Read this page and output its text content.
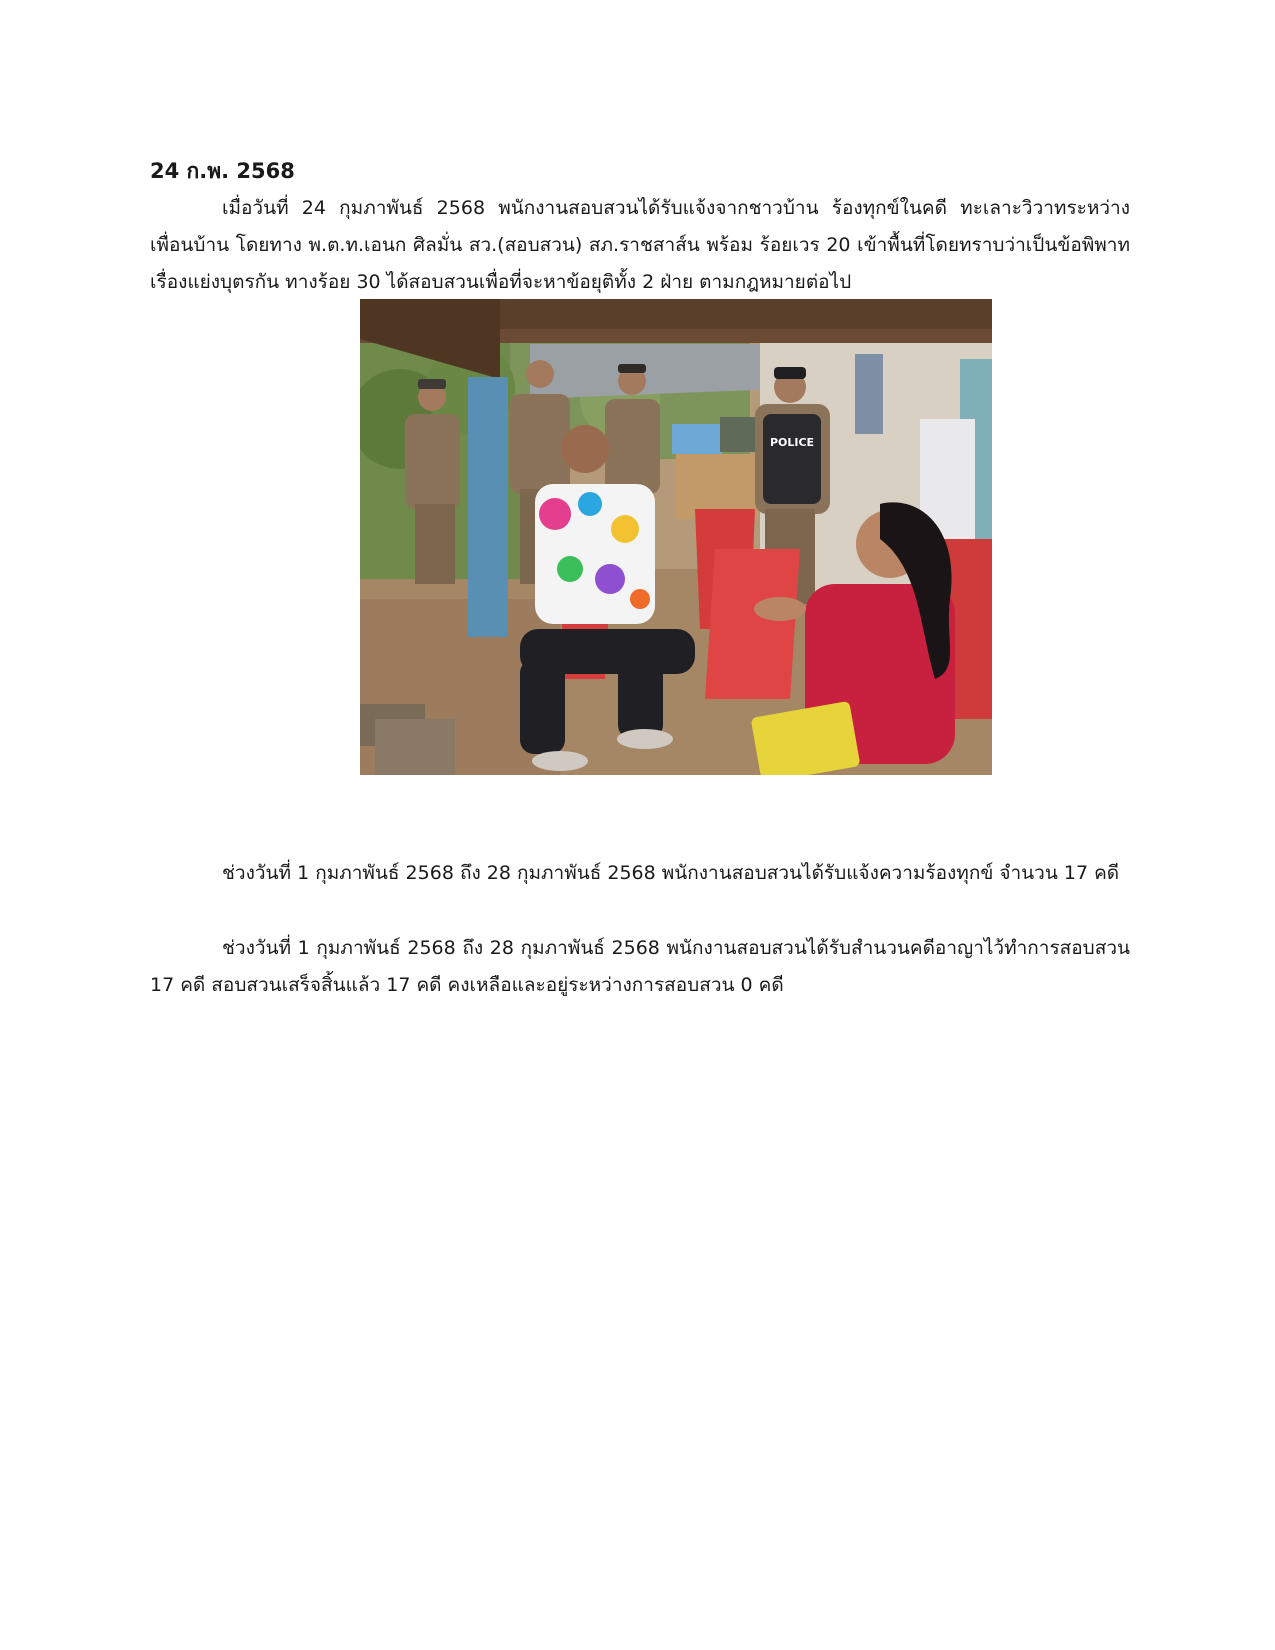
24 ก.พ. 2568

เมื่อวันที่ 24 กุมภาพันธ์ 2568 พนักงานสอบสวนได้รับแจ้งจากชาวบ้าน ร้องทุกข์ในคดี ทะเลาะวิวาทระหว่างเพื่อนบ้าน โดยทาง พ.ต.ท.เอนก ศิลมั่น สว.(สอบสวน) สภ.ราชสาส์น พร้อม ร้อยเวร 20 เข้าพื้นที่โดยทราบว่าเป็นข้อพิพาทเรื่องแย่งบุตรกัน ทางร้อย 30 ได้สอบสวนเพื่อที่จะหาข้อยุติทั้ง 2 ฝ่าย ตามกฎหมายต่อไป

POLICE

ช่วงวันที่ 1 กุมภาพันธ์ 2568 ถึง 28 กุมภาพันธ์ 2568 พนักงานสอบสวนได้รับแจ้งความร้องทุกข์ จำนวน 17 คดี

ช่วงวันที่ 1 กุมภาพันธ์ 2568 ถึง 28 กุมภาพันธ์ 2568 พนักงานสอบสวนได้รับสำนวนคดีอาญาไว้ทำการสอบสวน 17 คดี สอบสวนเสร็จสิ้นแล้ว 17 คดี คงเหลือและอยู่ระหว่างการสอบสวน 0 คดี
